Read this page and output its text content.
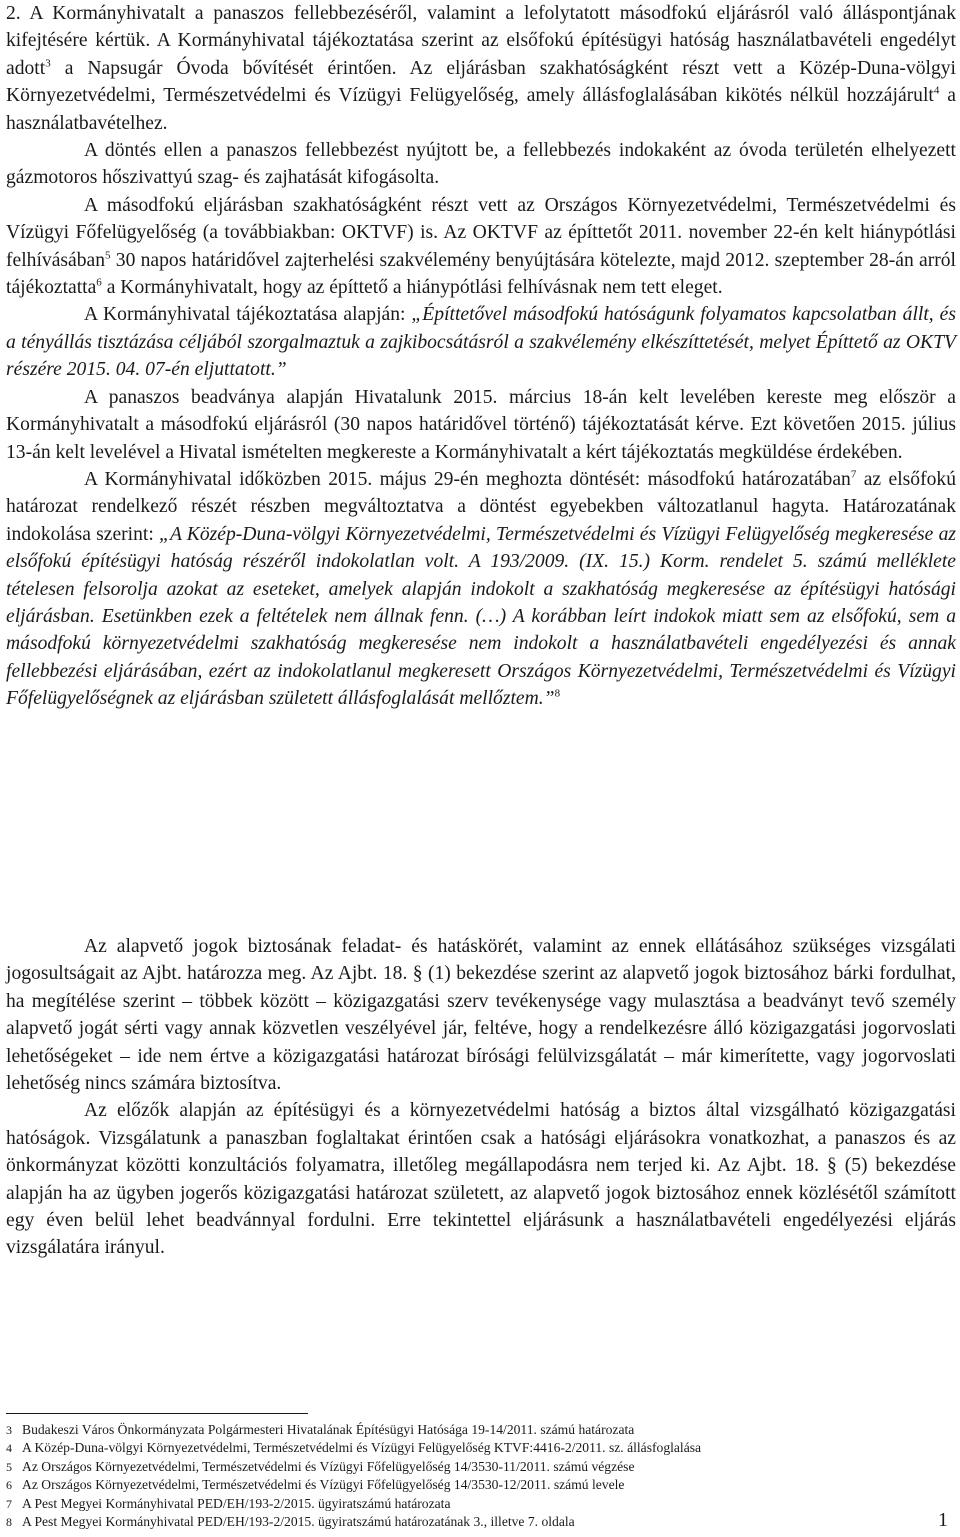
2. A Kormányhivatalt a panaszos fellebbezéséről, valamint a lefolytatott másodfokú eljárásról való álláspontjának kifejtésére kértük. A Kormányhivatal tájékoztatása szerint az elsőfokú építésügyi hatóság használatbavételi engedélyt adott$^3$ a Napsugár Óvoda bővítését érintően. Az eljárásban szakhatóságként részt vett a Közép-Duna-völgyi Környezetvédelmi, Természetvédelmi és Vízügyi Felügyelőség, amely állásfoglalásában kikötés nélkül hozzájárult$^4$ a használatbavételhez.

A döntés ellen a panaszos fellebbezést nyújtott be, a fellebbezés indokaként az óvoda területén elhelyezett gázmotoros hőszivattyú szag- és zajhatását kifogásolta.

A másodfokú eljárásban szakhatóságként részt vett az Országos Környezetvédelmi, Természetvédelmi és Vízügyi Főfelügyelőség (a továbbiakban: OKTVF) is. Az OKTVF az építtetőt 2011. november 22-én kelt hiánypótlási felhívásában$^5$ 30 napos határidővel zajterhelési szakvélemény benyújtására kötelezte, majd 2012. szeptember 28-án arról tájékoztatta$^6$ a Kormányhivatalt, hogy az építtető a hiánypótlási felhívásnak nem tett eleget.

A Kormányhivatal tájékoztatása alapján: „Építtetővel másodfokú hatóságunk folyamatos kapcsolatban állt, és a tényállás tisztázása céljából szorgalmaztuk a zajkibocsátásról a szakvélemény elkészíttetését, melyet Építtető az OKTV részére 2015. 04. 07-én eljuttatott.”

A panaszos beadványa alapján Hivatalunk 2015. március 18-án kelt levelében kereste meg először a Kormányhivatalt a másodfokú eljárásról (30 napos határidővel történő) tájékoztatását kérve. Ezt követően 2015. július 13-án kelt levelével a Hivatal ismételten megkereste a Kormányhivatalt a kért tájékoztatás megküldése érdekében.

A Kormányhivatal időközben 2015. május 29-én meghozta döntését: másodfokú határozatában$^7$ az elsőfokú határozat rendelkező részét részben megváltoztatva a döntést egyebekben változatlanul hagyta. Határozatának indokolása szerint: „A Közép-Duna-völgyi Környezetvédelmi, Természetvédelmi és Vízügyi Felügyelőség megkeresése az elsőfokú építésügyi hatóság részéről indokolatlan volt. A 193/2009. (IX. 15.) Korm. rendelet 5. számú melléklete tételesen felsorolja azokat az eseteket, amelyek alapján indokolt a szakhatóság megkeresése az építésügyi hatósági eljárásban. Esetünkben ezek a feltételek nem állnak fenn. (…) A korábban leírt indokok miatt sem az elsőfokú, sem a másodfokú környezetvédelmi szakhatóság megkeresése nem indokolt a használatbavételi engedélyezési és annak fellebbezési eljárásában, ezért az indokolatlanul megkeresett Országos Környezetvédelmi, Természetvédelmi és Vízügyi Főfelügyelőségnek az eljárásban született állásfoglalását mellőztem.”$^8$

Az alapvető jogok biztosának feladat- és hatáskörét, valamint az ennek ellátásához szükséges vizsgálati jogosultságait az Ajbt. határozza meg. Az Ajbt. 18. § (1) bekezdése szerint az alapvető jogok biztosához bárki fordulhat, ha megítélése szerint – többek között – közigazgatási szerv tevékenysége vagy mulasztása a beadványt tevő személy alapvető jogát sérti vagy annak közvetlen veszélyével jár, feltéve, hogy a rendelkezésre álló közigazgatási jogorvoslati lehetőségeket – ide nem értve a közigazgatási határozat bírósági felülvizsgálatát – már kimerítette, vagy jogorvoslati lehetőség nincs számára biztosítva.

Az előzők alapján az építésügyi és a környezetvédelmi hatóság a biztos által vizsgálható közigazgatási hatóságok. Vizsgálatunk a panaszban foglaltakat érintően csak a hatósági eljárásokra vonatkozhat, a panaszos és az önkormányzat közötti konzultációs folyamatra, illetőleg megállapodásra nem terjed ki. Az Ajbt. 18. § (5) bekezdése alapján ha az ügyben jogerős közigazgatási határozat született, az alapvető jogok biztosához ennek közlésétől számított egy éven belül lehet beadvánnyal fordulni. Erre tekintettel eljárásunk a használatbavételi engedélyezési eljárás vizsgálatára irányul.

3 Budakeszi Város Önkormányzata Polgármesteri Hivatalának Építésügyi Hatósága 19-14/2011. számú határozata

4 A Közép-Duna-völgyi Környezetvédelmi, Természetvédelmi és Vízügyi Felügyelőség KTVF:4416-2/2011. sz. állásfoglalása

5 Az Országos Környezetvédelmi, Természetvédelmi és Vízügyi Főfelügyelőség 14/3530-11/2011. számú végzése

6 Az Országos Környezetvédelmi, Természetvédelmi és Vízügyi Főfelügyelőség 14/3530-12/2011. számú levele

7 A Pest Megyei Kormányhivatal PED/EH/193-2/2015. ügyiratszámú határozata

8 A Pest Megyei Kormányhivatal PED/EH/193-2/2015. ügyiratszámú határozatának 3., illetve 7. oldala	1
